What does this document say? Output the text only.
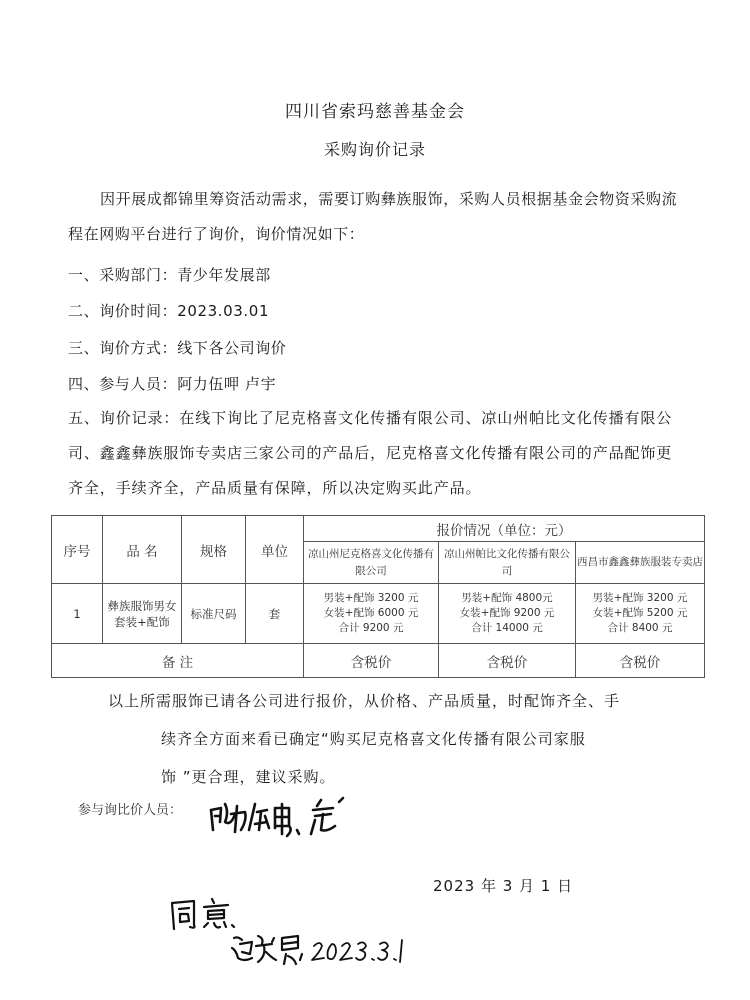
四川省索玛慈善基金会
采购询价记录
因开展成都锦里筹资活动需求，需要订购彝族服饰，采购人员根据基金会物资采购流程在网购平台进行了询价，询价情况如下：
一、采购部门：青少年发展部
二、询价时间：2023.03.01
三、询价方式：线下各公司询价
四、参与人员：阿力伍呷 卢宇
五、询价记录：在线下询比了尼克格喜文化传播有限公司、凉山州帕比文化传播有限公司、鑫鑫彝族服饰专卖店三家公司的产品后，尼克格喜文化传播有限公司的产品配饰更齐全，手续齐全，产品质量有保障，所以决定购买此产品。
序号	品 名	规格	单位	报价情况（单位：元）		
				凉山州尼克格喜文化传播有限公司	凉山州帕比文化传播有限公司	西昌市鑫鑫彝族服装专卖店
1	彝族服饰男女套装+配饰	标准尺码	套	男装+配饰 3200 元
女装+配饰 6000 元
合计 9200 元	男装+配饰 4800元
女装+配饰 9200 元
合计 14000 元	男装+配饰 3200 元
女装+配饰 5200 元
合计 8400 元

备 注				含税价	含税价	含税价
以上所需服饰已请各公司进行报价，从价格、产品质量，时配饰齐全、手
续齐全方面来看已确定“购买尼克格喜文化传播有限公司家服
饰 ”更合理，建议采购。
参与询比价人员：
2023 年 3 月 1 日
